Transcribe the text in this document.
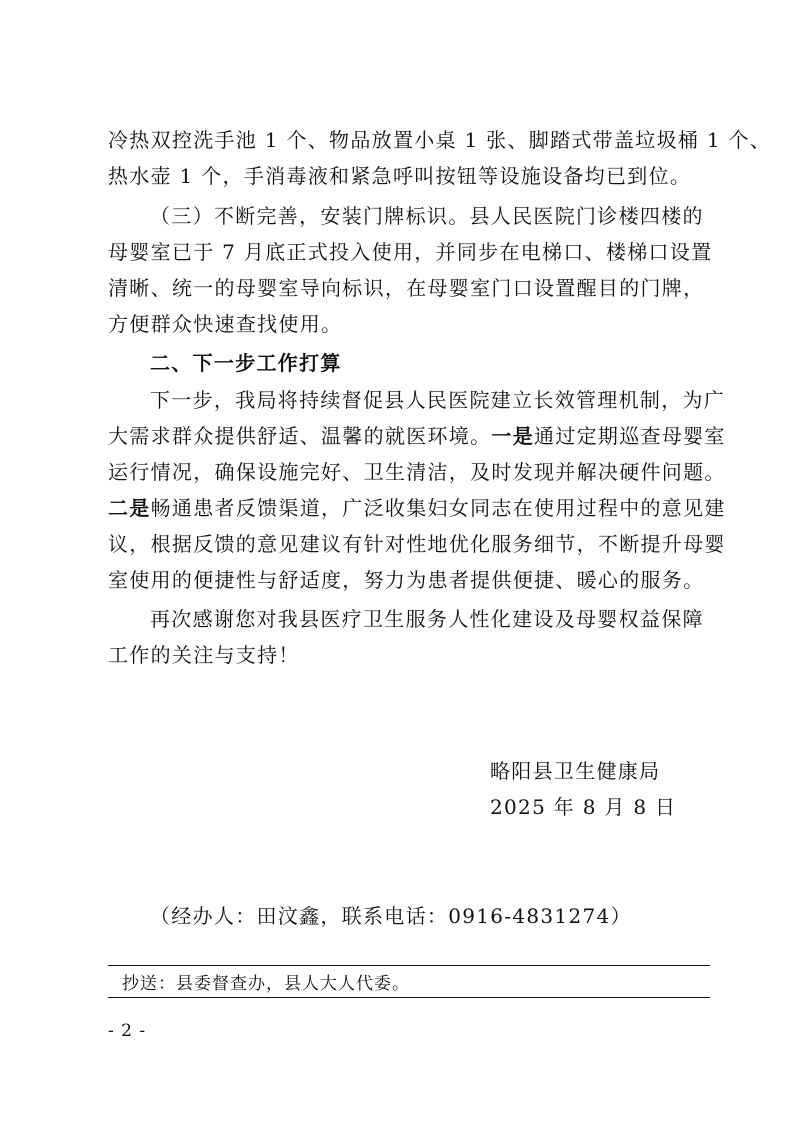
冷热双控洗手池 1 个、物品放置小桌 1 张、脚踏式带盖垃圾桶 1 个、
热水壶 1 个，手消毒液和紧急呼叫按钮等设施设备均已到位。
（三）不断完善，安装门牌标识。县人民医院门诊楼四楼的
母婴室已于 7 月底正式投入使用，并同步在电梯口、楼梯口设置
清晰、统一的母婴室导向标识，在母婴室门口设置醒目的门牌，
方便群众快速查找使用。
二、下一步工作打算
下一步，我局将持续督促县人民医院建立长效管理机制，为广
大需求群众提供舒适、温馨的就医环境。一是通过定期巡查母婴室
运行情况，确保设施完好、卫生清洁，及时发现并解决硬件问题。
二是畅通患者反馈渠道，广泛收集妇女同志在使用过程中的意见建
议，根据反馈的意见建议有针对性地优化服务细节，不断提升母婴
室使用的便捷性与舒适度，努力为患者提供便捷、暖心的服务。
再次感谢您对我县医疗卫生服务人性化建设及母婴权益保障
工作的关注与支持！
略阳县卫生健康局
2025 年 8 月 8 日
（经办人：田汶鑫，联系电话：0916-4831274）
抄送：县委督查办，县人大人代委。
- 2 -
